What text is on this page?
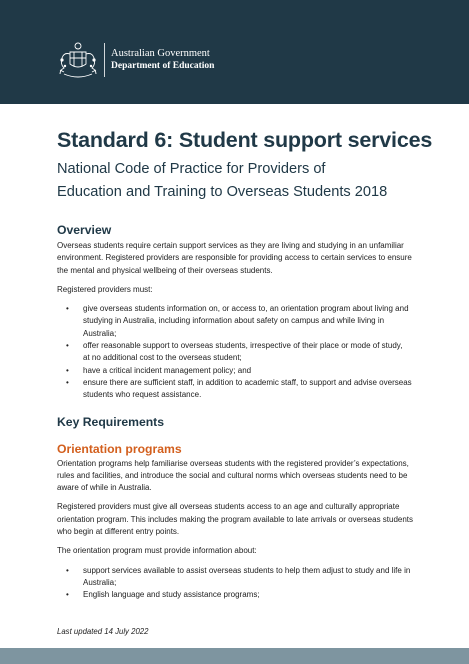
Australian Government
Department of Education
Standard 6: Student support services
National Code of Practice for Providers of
Education and Training to Overseas Students 2018
Overview

Overseas students require certain support services as they are living and studying in an unfamiliar
environment. Registered providers are responsible for providing access to certain services to ensure
the mental and physical wellbeing of their overseas students.

Registered providers must:

• give overseas students information on, or access to, an orientation program about living and
studying in Australia, including information about safety on campus and while living in
Australia;
• offer reasonable support to overseas students, irrespective of their place or mode of study,
at no additional cost to the overseas student;
• have a critical incident management policy; and
• ensure there are sufficient staff, in addition to academic staff, to support and advise overseas
students who request assistance.
Key Requirements
Orientation programs

Orientation programs help familiarise overseas students with the registered provider’s expectations,
rules and facilities, and introduce the social and cultural norms which overseas students need to be
aware of while in Australia.

Registered providers must give all overseas students access to an age and culturally appropriate
orientation program. This includes making the program available to late arrivals or overseas students
who begin at different entry points.

The orientation program must provide information about:

• support services available to assist overseas students to help them adjust to study and life in
Australia;
• English language and study assistance programs;
Last updated 14 July 2022
